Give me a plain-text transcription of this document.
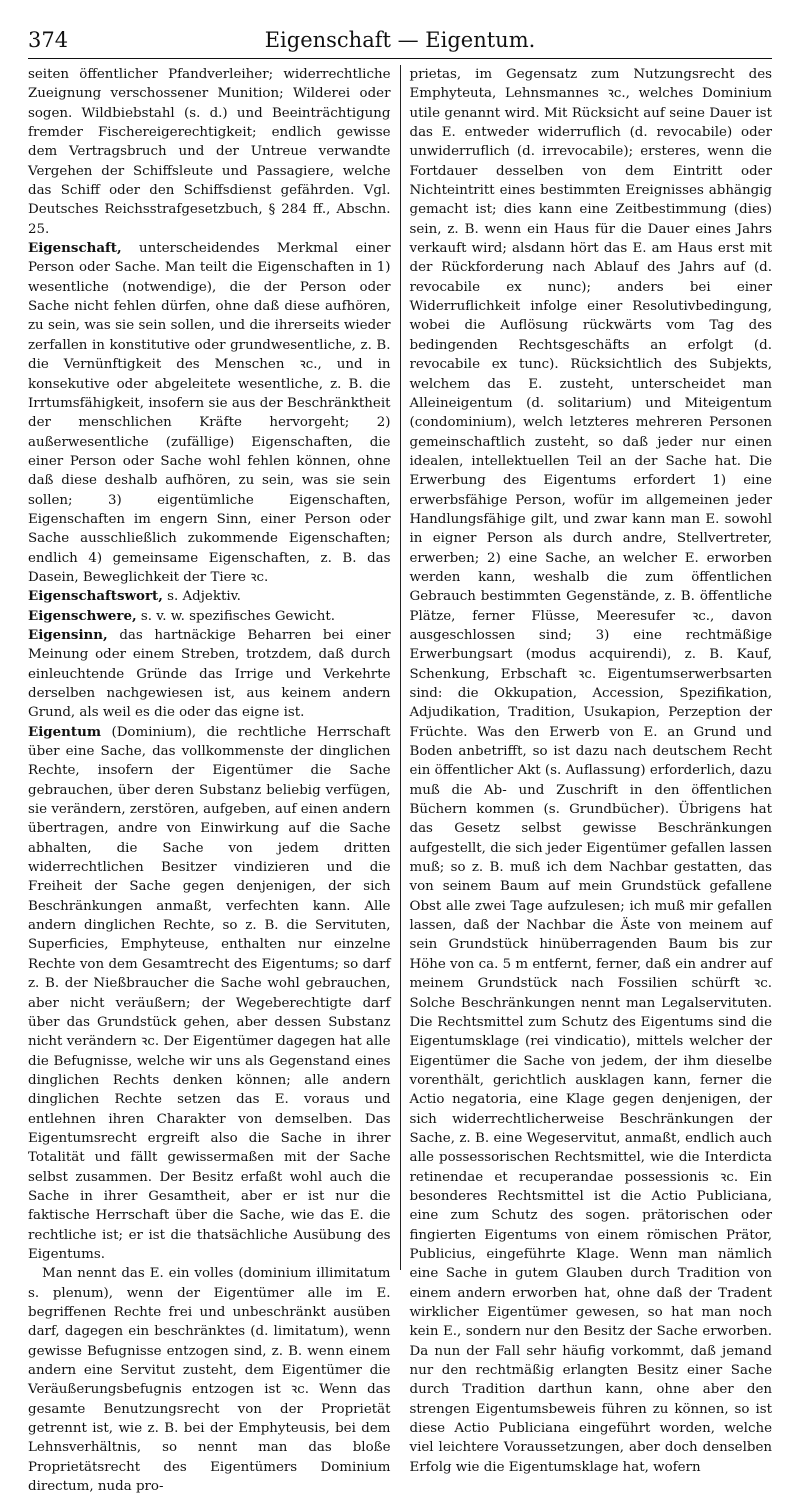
374	Eigenschaft — Eigentum.

seiten öffentlicher Pfandverleiher; widerrechtliche Zueignung verschossener Munition; Wilderei oder sogen. Wildbiebstahl (s. d.) und Beeinträchtigung fremder Fischereigerechtigkeit; endlich gewisse dem Vertragsbruch und der Untreue verwandte Vergehen der Schiffsleute und Passagiere, welche das Schiff oder den Schiffsdienst gefährden. Vgl. Deutsches Reichsstrafgesetzbuch, § 284 ff., Abschn. 25.

Eigenschaft, unterscheidendes Merkmal einer Person oder Sache. Man teilt die Eigenschaften in 1) wesentliche (notwendige), die der Person oder Sache nicht fehlen dürfen, ohne daß diese aufhören, zu sein, was sie sein sollen, und die ihrerseits wieder zerfallen in konstitutive oder grundwesentliche, z. B. die Vernünftigkeit des Menschen ꝛc., und in konsekutive oder abgeleitete wesentliche, z. B. die Irrtumsfähigkeit, insofern sie aus der Beschränktheit der menschlichen Kräfte hervorgeht; 2) außerwesentliche (zufällige) Eigenschaften, die einer Person oder Sache wohl fehlen können, ohne daß diese deshalb aufhören, zu sein, was sie sein sollen; 3) eigentümliche Eigenschaften, Eigenschaften im engern Sinn, einer Person oder Sache ausschließlich zukommende Eigenschaften; endlich 4) gemeinsame Eigenschaften, z. B. das Dasein, Beweglichkeit der Tiere ꝛc.

Eigenschaftswort, s. Adjektiv.

Eigenschwere, s. v. w. spezifisches Gewicht.

Eigensinn, das hartnäckige Beharren bei einer Meinung oder einem Streben, trotzdem, daß durch einleuchtende Gründe das Irrige und Verkehrte derselben nachgewiesen ist, aus keinem andern Grund, als weil es die oder das eigne ist.

Eigentum (Dominium), die rechtliche Herrschaft über eine Sache, das vollkommenste der dinglichen Rechte, insofern der Eigentümer die Sache gebrauchen, über deren Substanz beliebig verfügen, sie verändern, zerstören, aufgeben, auf einen andern übertragen, andre von Einwirkung auf die Sache abhalten, die Sache von jedem dritten widerrechtlichen Besitzer vindizieren und die Freiheit der Sache gegen denjenigen, der sich Beschränkungen anmaßt, verfechten kann. Alle andern dinglichen Rechte, so z. B. die Servituten, Superficies, Emphyteuse, enthalten nur einzelne Rechte von dem Gesamtrecht des Eigentums; so darf z. B. der Nießbraucher die Sache wohl gebrauchen, aber nicht veräußern; der Wegeberechtigte darf über das Grundstück gehen, aber dessen Substanz nicht verändern ꝛc. Der Eigentümer dagegen hat alle die Befugnisse, welche wir uns als Gegenstand eines dinglichen Rechts denken können; alle andern dinglichen Rechte setzen das E. voraus und entlehnen ihren Charakter von demselben. Das Eigentumsrecht ergreift also die Sache in ihrer Totalität und fällt gewissermaßen mit der Sache selbst zusammen. Der Besitz erfaßt wohl auch die Sache in ihrer Gesamtheit, aber er ist nur die faktische Herrschaft über die Sache, wie das E. die rechtliche ist; er ist die thatsächliche Ausübung des Eigentums.

Man nennt das E. ein volles (dominium illimitatum s. plenum), wenn der Eigentümer alle im E. begriffenen Rechte frei und unbeschränkt ausüben darf, dagegen ein beschränktes (d. limitatum), wenn gewisse Befugnisse entzogen sind, z. B. wenn einem andern eine Servitut zusteht, dem Eigentümer die Veräußerungsbefugnis entzogen ist ꝛc. Wenn das gesamte Benutzungsrecht von der Proprietät getrennt ist, wie z. B. bei der Emphyteusis, bei dem Lehnsverhältnis, so nennt man das bloße Proprietätsrecht des Eigentümers Dominium directum, nuda pro-

prietas, im Gegensatz zum Nutzungsrecht des Emphyteuta, Lehnsmannes ꝛc., welches Dominium utile genannt wird. Mit Rücksicht auf seine Dauer ist das E. entweder widerruflich (d. revocabile) oder unwiderruflich (d. irrevocabile); ersteres, wenn die Fortdauer desselben von dem Eintritt oder Nichteintritt eines bestimmten Ereignisses abhängig gemacht ist; dies kann eine Zeitbestimmung (dies) sein, z. B. wenn ein Haus für die Dauer eines Jahrs verkauft wird; alsdann hört das E. am Haus erst mit der Rückforderung nach Ablauf des Jahrs auf (d. revocabile ex nunc); anders bei einer Widerruflichkeit infolge einer Resolutivbedingung, wobei die Auflösung rückwärts vom Tag des bedingenden Rechtsgeschäfts an erfolgt (d. revocabile ex tunc). Rücksichtlich des Subjekts, welchem das E. zusteht, unterscheidet man Alleineigentum (d. solitarium) und Miteigentum (condominium), welch letzteres mehreren Personen gemeinschaftlich zusteht, so daß jeder nur einen idealen, intellektuellen Teil an der Sache hat. Die Erwerbung des Eigentums erfordert 1) eine erwerbsfähige Person, wofür im allgemeinen jeder Handlungsfähige gilt, und zwar kann man E. sowohl in eigner Person als durch andre, Stellvertreter, erwerben; 2) eine Sache, an welcher E. erworben werden kann, weshalb die zum öffentlichen Gebrauch bestimmten Gegenstände, z. B. öffentliche Plätze, ferner Flüsse, Meeresufer ꝛc., davon ausgeschlossen sind; 3) eine rechtmäßige Erwerbungsart (modus acquirendi), z. B. Kauf, Schenkung, Erbschaft ꝛc. Eigentumserwerbsarten sind: die Okkupation, Accession, Spezifikation, Adjudikation, Tradition, Usukapion, Perzeption der Früchte. Was den Erwerb von E. an Grund und Boden anbetrifft, so ist dazu nach deutschem Recht ein öffentlicher Akt (s. Auflassung) erforderlich, dazu muß die Ab- und Zuschrift in den öffentlichen Büchern kommen (s. Grundbücher). Übrigens hat das Gesetz selbst gewisse Beschränkungen aufgestellt, die sich jeder Eigentümer gefallen lassen muß; so z. B. muß ich dem Nachbar gestatten, das von seinem Baum auf mein Grundstück gefallene Obst alle zwei Tage aufzulesen; ich muß mir gefallen lassen, daß der Nachbar die Äste von meinem auf sein Grundstück hinüberragenden Baum bis zur Höhe von ca. 5 m entfernt, ferner, daß ein andrer auf meinem Grundstück nach Fossilien schürft ꝛc. Solche Beschränkungen nennt man Legalservituten. Die Rechtsmittel zum Schutz des Eigentums sind die Eigentumsklage (rei vindicatio), mittels welcher der Eigentümer die Sache von jedem, der ihm dieselbe vorenthält, gerichtlich ausklagen kann, ferner die Actio negatoria, eine Klage gegen denjenigen, der sich widerrechtlicherweise Beschränkungen der Sache, z. B. eine Wegeservitut, anmaßt, endlich auch alle possessorischen Rechtsmittel, wie die Interdicta retinendae et recuperandae possessionis ꝛc. Ein besonderes Rechtsmittel ist die Actio Publiciana, eine zum Schutz des sogen. prätorischen oder fingierten Eigentums von einem römischen Prätor, Publicius, eingeführte Klage. Wenn man nämlich eine Sache in gutem Glauben durch Tradition von einem andern erworben hat, ohne daß der Tradent wirklicher Eigentümer gewesen, so hat man noch kein E., sondern nur den Besitz der Sache erworben. Da nun der Fall sehr häufig vorkommt, daß jemand nur den rechtmäßig erlangten Besitz einer Sache durch Tradition darthun kann, ohne aber den strengen Eigentumsbeweis führen zu können, so ist diese Actio Publiciana eingeführt worden, welche viel leichtere Voraussetzungen, aber doch denselben Erfolg wie die Eigentumsklage hat, wofern
